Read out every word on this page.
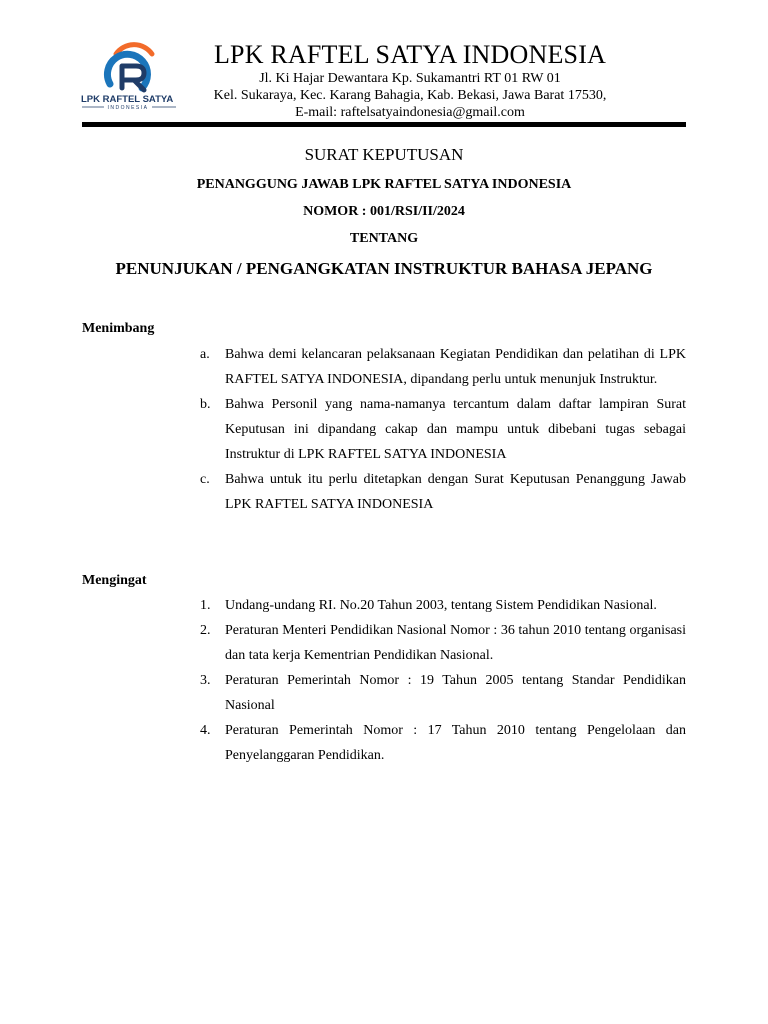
LPK RAFTEL SATYA
INDONESIA
LPK RAFTEL SATYA INDONESIA
Jl. Ki Hajar Dewantara Kp. Sukamantri RT 01 RW 01
Kel. Sukaraya, Kec. Karang Bahagia, Kab. Bekasi, Jawa Barat 17530,
E-mail: raftelsatyaindonesia@gmail.com
SURAT KEPUTUSAN
PENANGGUNG JAWAB LPK RAFTEL SATYA INDONESIA
NOMOR : 001/RSI/II/2024
TENTANG
PENUNJUKAN / PENGANGKATAN INSTRUKTUR BAHASA JEPANG
Menimbang
a.	Bahwa demi kelancaran pelaksanaan Kegiatan Pendidikan dan pelatihan di LPK RAFTEL SATYA INDONESIA, dipandang perlu untuk menunjuk Instruktur.

b.	Bahwa Personil yang nama-namanya tercantum dalam daftar lampiran Surat Keputusan ini dipandang cakap dan mampu untuk dibebani tugas sebagai Instruktur di LPK RAFTEL SATYA INDONESIA

c.	Bahwa untuk itu perlu ditetapkan dengan Surat Keputusan Penanggung Jawab LPK RAFTEL SATYA INDONESIA

Mengingat
1.	Undang-undang RI. No.20 Tahun 2003, tentang Sistem Pendidikan Nasional.

2.	Peraturan Menteri Pendidikan Nasional Nomor : 36 tahun 2010 tentang organisasi dan tata kerja Kementrian Pendidikan Nasional.

3.	Peraturan Pemerintah Nomor : 19 Tahun 2005 tentang Standar Pendidikan Nasional

4.	Peraturan Pemerintah Nomor : 17 Tahun 2010 tentang Pengelolaan dan Penyelanggaran Pendidikan.
